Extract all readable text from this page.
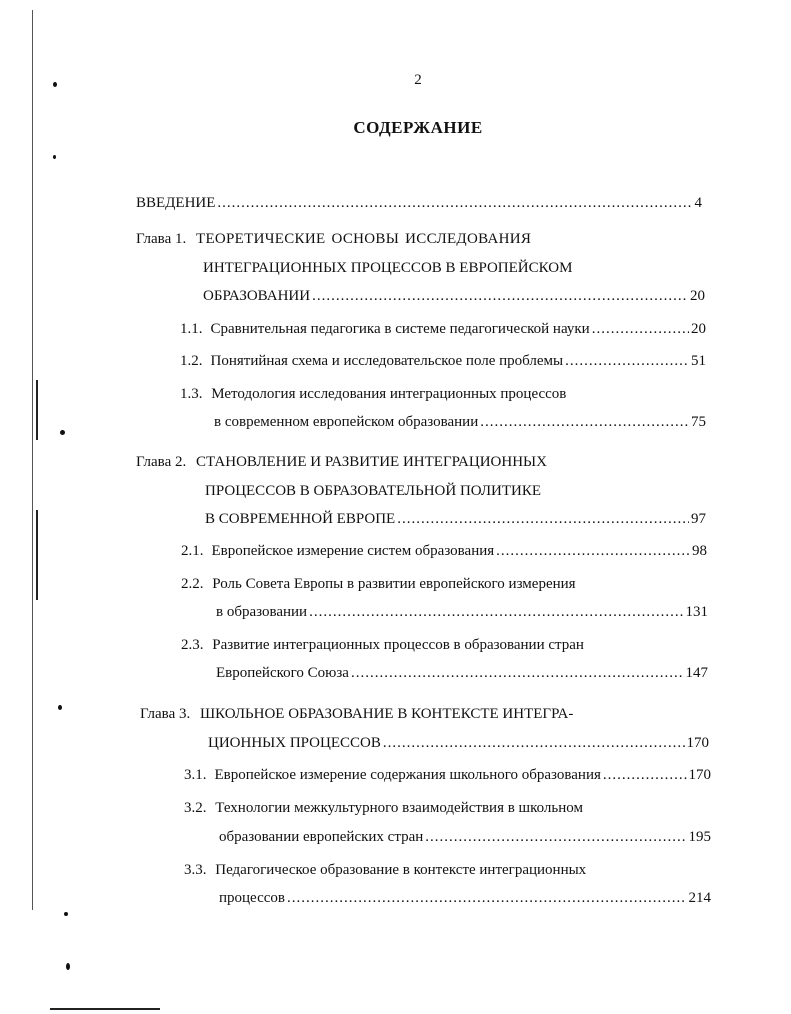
2
СОДЕРЖАНИЕ
ВВЕДЕНИЕ .....	4
Глава 1. ТЕОРЕТИЧЕСКИЕ ОСНОВЫ ИССЛЕДОВАНИЯ
ИНТЕГРАЦИОННЫХ ПРОЦЕССОВ В ЕВРОПЕЙСКОМ
ОБРАЗОВАНИИ .....	20
1.1. Сравнительная педагогика в системе педагогической науки .....	20
1.2. Понятийная схема и исследовательское поле проблемы .....	51
1.3. Методология исследования интеграционных процессов
в современном европейском образовании .....	75
Глава 2. СТАНОВЛЕНИЕ И РАЗВИТИЕ ИНТЕГРАЦИОННЫХ
ПРОЦЕССОВ В ОБРАЗОВАТЕЛЬНОЙ ПОЛИТИКЕ
В СОВРЕМЕННОЙ ЕВРОПЕ .....	97
2.1. Европейское измерение систем образования .....	98
2.2. Роль Совета Европы в развитии европейского измерения
в образовании .....	131
2.3. Развитие интеграционных процессов в образовании стран
Европейского Союза .....	147
Глава 3. ШКОЛЬНОЕ ОБРАЗОВАНИЕ В КОНТЕКСТЕ ИНТЕГРА-
ЦИОННЫХ ПРОЦЕССОВ .....	170
3.1. Европейское измерение содержания школьного образования .....	170
3.2. Технологии межкультурного взаимодействия в школьном
образовании европейских стран .....	195
3.3. Педагогическое образование в контексте интеграционных
процессов .....	214
